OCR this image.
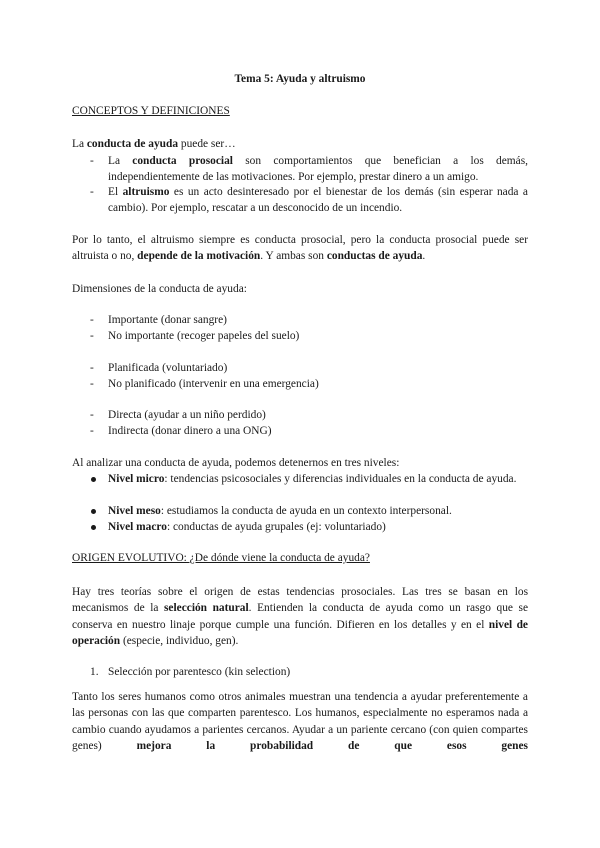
Tema 5: Ayuda y altruismo
CONCEPTOS Y DEFINICIONES
La conducta de ayuda puede ser…
-	La conducta prosocial son comportamientos que benefician a los demás, independientemente de las motivaciones. Por ejemplo, prestar dinero a un amigo.
-	El altruismo es un acto desinteresado por el bienestar de los demás (sin esperar nada a cambio). Por ejemplo, rescatar a un desconocido de un incendio.
Por lo tanto, el altruismo siempre es conducta prosocial, pero la conducta prosocial puede ser altruista o no, depende de la motivación. Y ambas son conductas de ayuda.
Dimensiones de la conducta de ayuda:
-	Importante (donar sangre)
-	No importante (recoger papeles del suelo)
-	Planificada (voluntariado)
-	No planificado (intervenir en una emergencia)
-	Directa (ayudar a un niño perdido)
-	Indirecta (donar dinero a una ONG)
Al analizar una conducta de ayuda, podemos detenernos en tres niveles:
Nivel micro: tendencias psicosociales y diferencias individuales en la conducta de ayuda.
Nivel meso: estudiamos la conducta de ayuda en un contexto interpersonal.
Nivel macro: conductas de ayuda grupales (ej: voluntariado)
ORIGEN EVOLUTIVO: ¿De dónde viene la conducta de ayuda?
Hay tres teorías sobre el origen de estas tendencias prosociales. Las tres se basan en los mecanismos de la selección natural. Entienden la conducta de ayuda como un rasgo que se conserva en nuestro linaje porque cumple una función. Difieren en los detalles y en el nivel de operación (especie, individuo, gen).
1. Selección por parentesco (kin selection)
Tanto los seres humanos como otros animales muestran una tendencia a ayudar preferentemente a las personas con las que comparten parentesco. Los humanos, especialmente no esperamos nada a cambio cuando ayudamos a parientes cercanos. Ayudar a un pariente cercano (con quien compartes genes) mejora la probabilidad de que esos genes
